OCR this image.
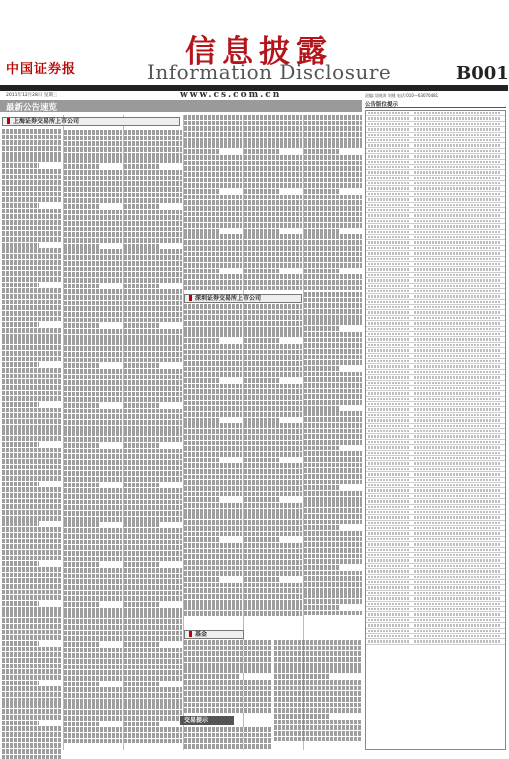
中国证券报	信息披露
Information Disclosure	B001
2011年12月28日 星期三	www.cs.com.cn	责编:吴晓涛 刘建 电话:010—63070481
最新公告速览	公告版位提示
上海证券交易所上市公司
深圳证券交易所上市公司
基金
交易提示
